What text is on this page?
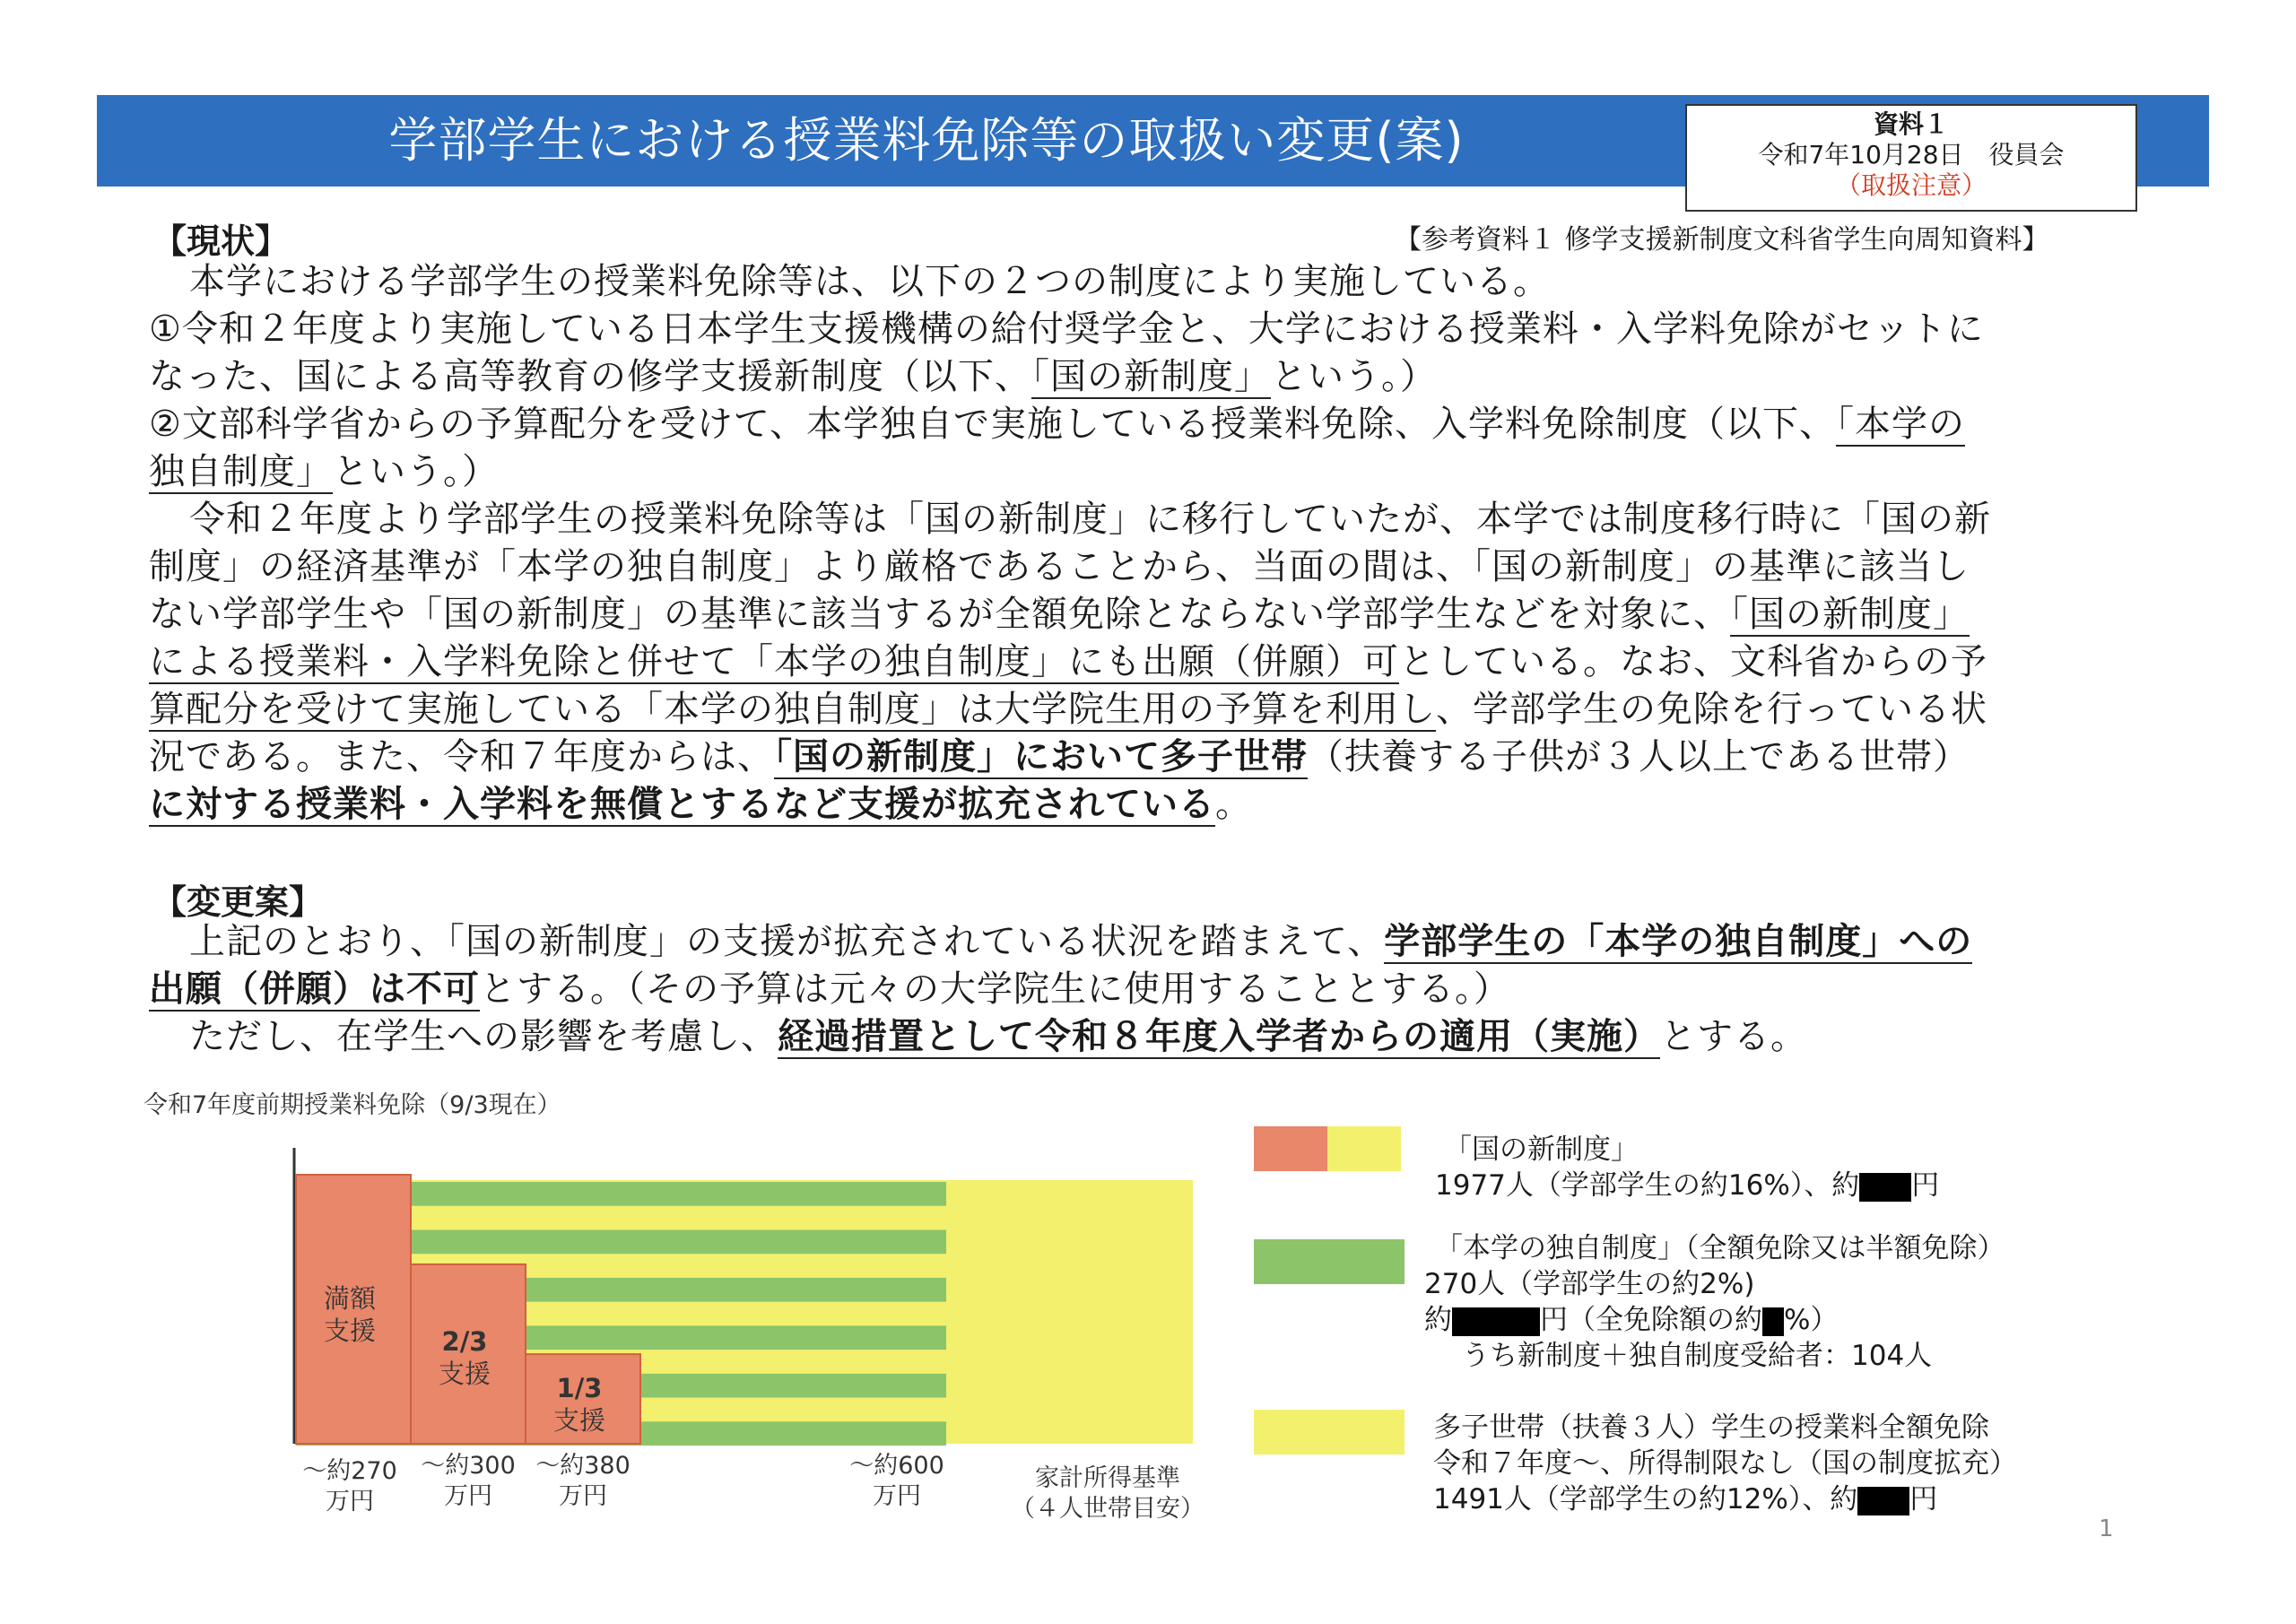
学部学生における授業料免除等の取扱い変更(案)	資料１
令和7年10月28日　役員会
（取扱注意）
【現状】	【参考資料１ 修学支援新制度文科省学生向周知資料】
本学における学部学生の授業料免除等は、以下の２つの制度により実施している。
①令和２年度より実施している日本学生支援機構の給付奨学金と、大学における授業料・入学料免除がセットに
なった、国による高等教育の修学支援新制度（以下、「国の新制度」という。）
②文部科学省からの予算配分を受けて、本学独自で実施している授業料免除、入学料免除制度（以下、「本学の
独自制度」という。）
令和２年度より学部学生の授業料免除等は「国の新制度」に移行していたが、本学では制度移行時に「国の新
制度」の経済基準が「本学の独自制度」より厳格であることから、当面の間は、「国の新制度」の基準に該当し
ない学部学生や「国の新制度」の基準に該当するが全額免除とならない学部学生などを対象に、「国の新制度」
による授業料・入学料免除と併せて「本学の独自制度」にも出願（併願）可としている。なお、文科省からの予
算配分を受けて実施している「本学の独自制度」は大学院生用の予算を利用し、学部学生の免除を行っている状
況である。また、令和７年度からは、「国の新制度」において多子世帯（扶養する子供が３人以上である世帯）
に対する授業料・入学料を無償とするなど支援が拡充されている。
【変更案】
上記のとおり、「国の新制度」の支援が拡充されている状況を踏まえて、学部学生の「本学の独自制度」への
出願（併願）は不可とする。（その予算は元々の大学院生に使用することとする。）
ただし、在学生への影響を考慮し、経過措置として令和８年度入学者からの適用（実施）とする。
令和7年度前期授業料免除（9/3現在）
満額
支援	2/3
支援	1/3
支援
～約270
万円
～約300
万円
～約380
万円
～約600
万円
家計所得基準
（４人世帯目安）
「国の新制度」
1977人（学部学生の約16%）、約 円
「本学の独自制度」（全額免除又は半額免除）
270人（学部学生の約2%)
約	円（全免除額の約 %）
うち新制度＋独自制度受給者：104人
多子世帯（扶養３人）学生の授業料全額免除
令和７年度～、所得制限なし（国の制度拡充）
1491人（学部学生の約12%）、約 円
1
